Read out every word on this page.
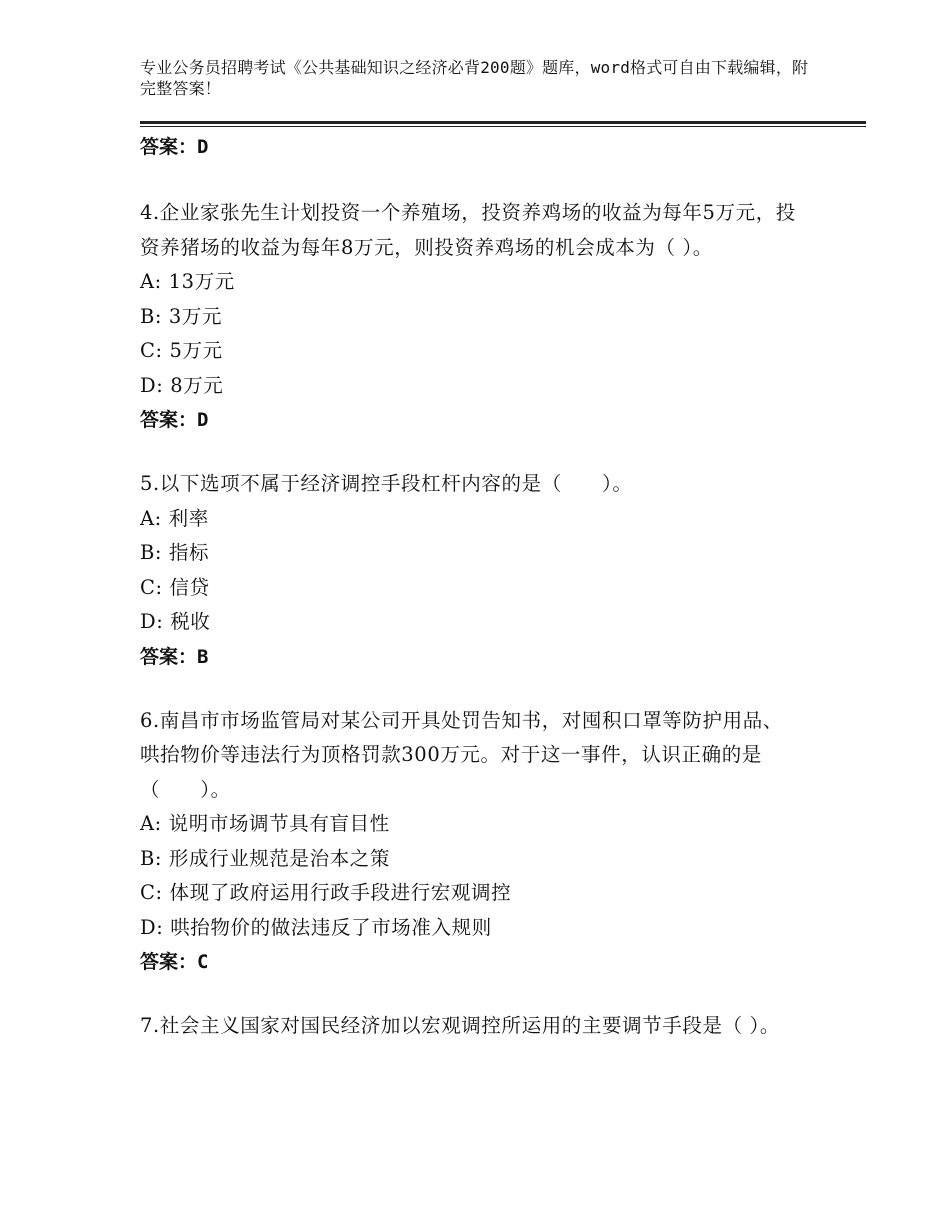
专业公务员招聘考试《公共基础知识之经济必背200题》题库，word格式可自由下载编辑，附完整答案！
答案：D
4.企业家张先生计划投资一个养殖场，投资养鸡场的收益为每年5万元，投资养猪场的收益为每年8万元，则投资养鸡场的机会成本为（ ）。
A: 13万元
B: 3万元
C: 5万元
D: 8万元
答案：D
5.以下选项不属于经济调控手段杠杆内容的是（　　）。
A: 利率
B: 指标
C: 信贷
D: 税收
答案：B
6.南昌市市场监管局对某公司开具处罚告知书，对囤积口罩等防护用品、哄抬物价等违法行为顶格罚款300万元。对于这一事件，认识正确的是（　　）。
A: 说明市场调节具有盲目性
B: 形成行业规范是治本之策
C: 体现了政府运用行政手段进行宏观调控
D: 哄抬物价的做法违反了市场准入规则
答案：C
7.社会主义国家对国民经济加以宏观调控所运用的主要调节手段是（ ）。
